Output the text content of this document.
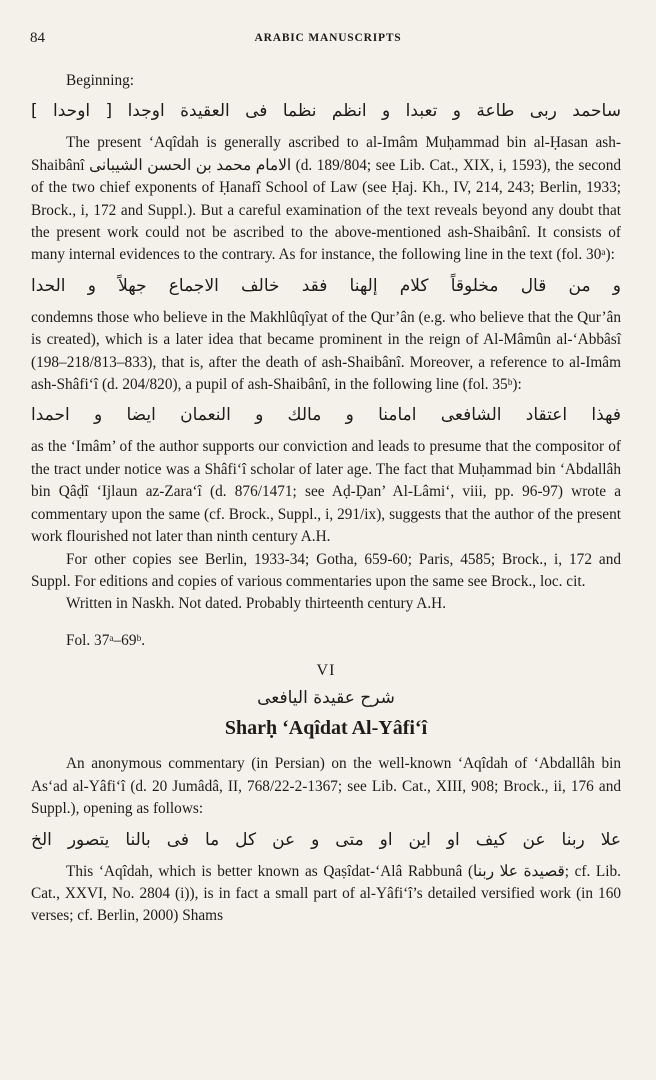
84	ARABIC MANUSCRIPTS

Beginning:

ساحمد ربى طاعة و تعبدا و انظم نظما فى العقيدة اوجدا [ اوحدا ]

The present ‘Aqîdah is generally ascribed to al-Imâm Muḥammad bin al-Ḥasan ash-Shaibânî الامام محمد بن الحسن الشيبانى (d. 189/804; see Lib. Cat., XIX, i, 1593), the second of the two chief exponents of Ḥanafî School of Law (see Ḥaj. Kh., IV, 214, 243; Berlin, 1933; Brock., i, 172 and Suppl.). But a careful examination of the text reveals beyond any doubt that the present work could not be ascribed to the above-mentioned ash-Shaibânî. It consists of many internal evidences to the contrary. As for instance, the following line in the text (fol. 30ᵃ):

و من قال مخلوقاً كلام إلهنا فقد خالف الاجماع جهلاً و الحدا

condemns those who believe in the Makhlûqîyat of the Qur’ân (e.g. who believe that the Qur’ân is created), which is a later idea that became prominent in the reign of Al-Mâmûn al-‘Abbâsî (198–218/813–833), that is, after the death of ash-Shaibânî. Moreover, a reference to al-Imâm ash-Shâfi‘î (d. 204/820), a pupil of ash-Shaibânî, in the following line (fol. 35ᵇ):

فهذا اعتقاد الشافعى امامنا و مالك و النعمان ايضا و احمدا

as the ‘Imâm’ of the author supports our conviction and leads to presume that the compositor of the tract under notice was a Shâfi‘î scholar of later age. The fact that Muḥammad bin ‘Abdallâh bin Qâḍî ‘Ijlaun az-Zara‘î (d. 876/1471; see Aḍ-Ḍan’ Al-Lâmi‘, viii, pp. 96-97) wrote a commentary upon the same (cf. Brock., Suppl., i, 291/ix), suggests that the author of the present work flourished not later than ninth century A.H.

For other copies see Berlin, 1933-34; Gotha, 659-60; Paris, 4585; Brock., i, 172 and Suppl. For editions and copies of various commentaries upon the same see Brock., loc. cit.

Written in Naskh. Not dated. Probably thirteenth century A.H.

Fol. 37ᵃ–69ᵇ.

VI
شرح عقيدة اليافعى
Sharḥ ‘Aqîdat Al-Yâfi‘î

An anonymous commentary (in Persian) on the well-known ‘Aqîdah of ‘Abdallâh bin As‘ad al-Yâfi‘î (d. 20 Jumâdâ, II, 768/22-2-1367; see Lib. Cat., XIII, 908; Brock., ii, 176 and Suppl.), opening as follows:

علا ربنا عن كيف او اين او متى و عن كل ما فى بالنا يتصور الخ

This ‘Aqîdah, which is better known as Qaṣîdat-‘Alâ Rabbunâ (قصيدة علا ربنا; cf. Lib. Cat., XXVI, No. 2804 (i)), is in fact a small part of al-Yâfi‘î’s detailed versified work (in 160 verses; cf. Berlin, 2000) Shams
